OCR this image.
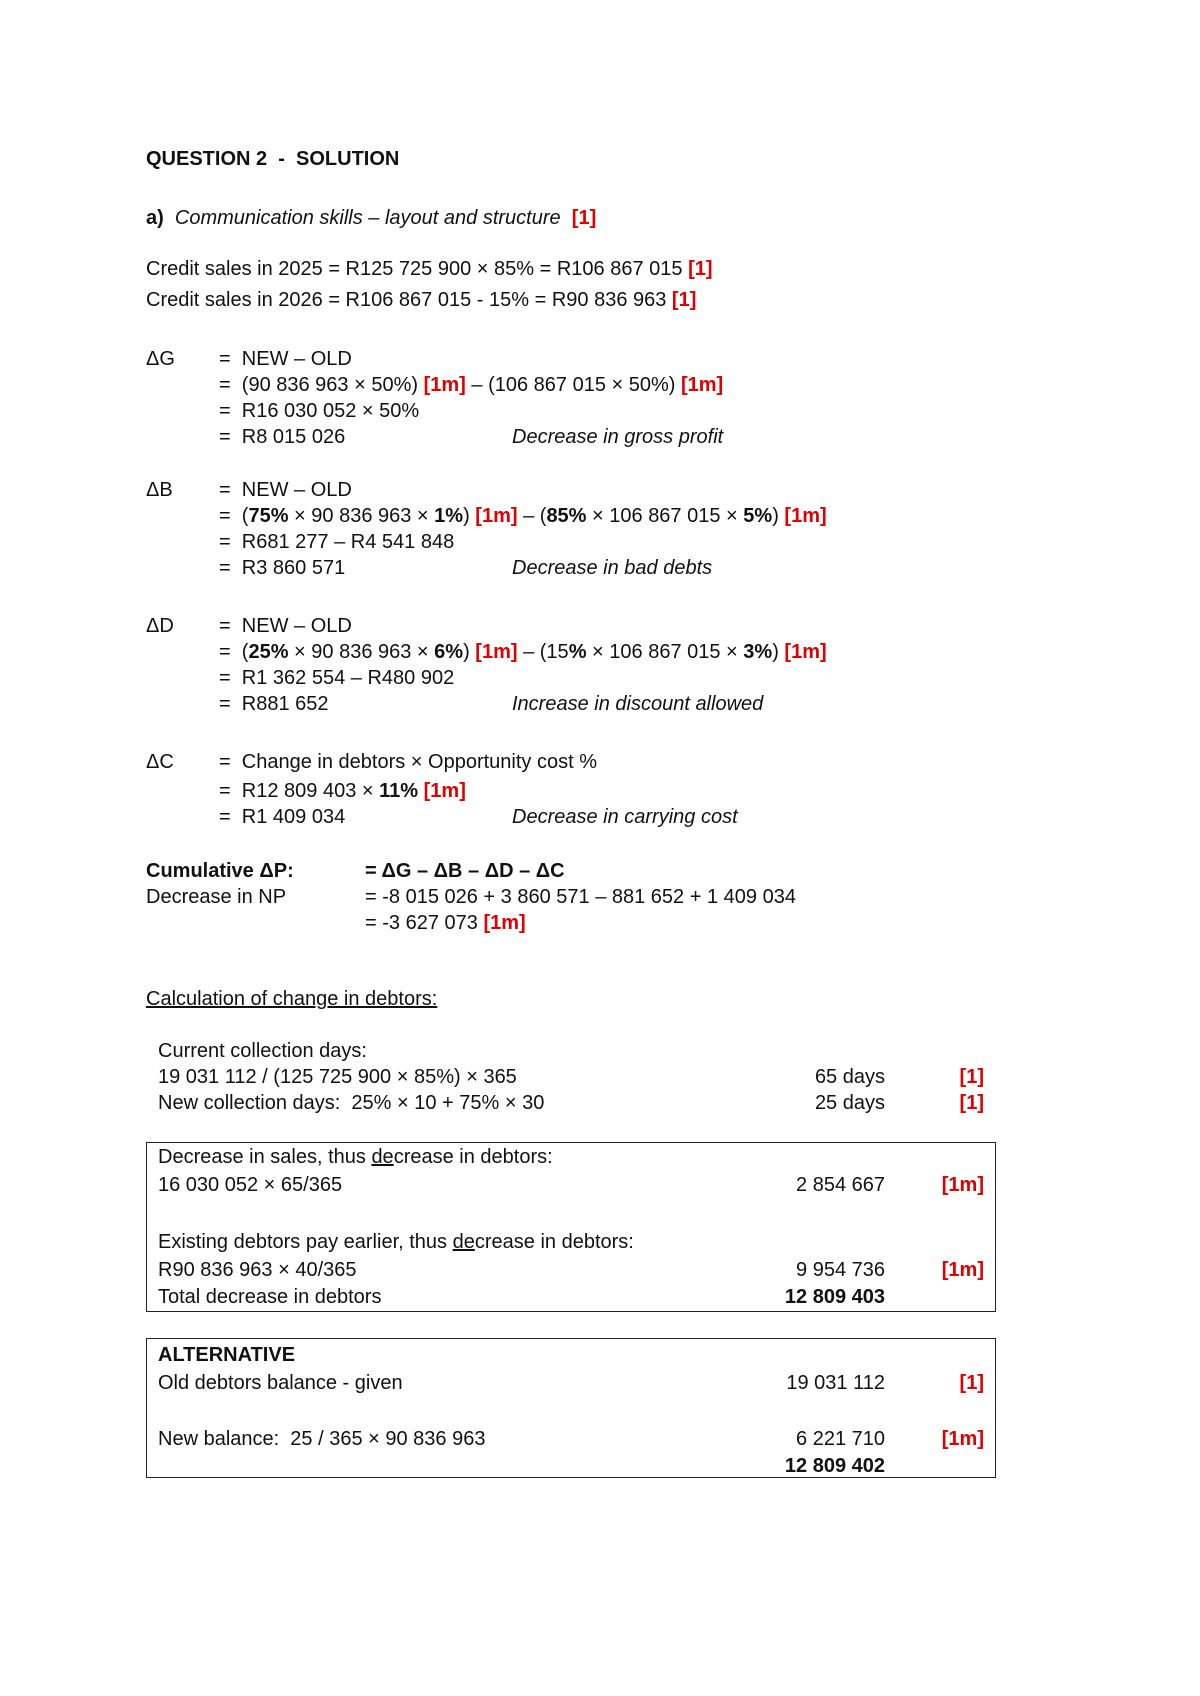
QUESTION 2  -  SOLUTION
a) Communication skills – layout and structure [1]
Credit sales in 2025 = R125 725 900 × 85% = R106 867 015 [1]
Credit sales in 2026 = R106 867 015 - 15% = R90 836 963 [1]
ΔG =  NEW – OLD
=  (90 836 963 × 50%) [1m] – (106 867 015 × 50%) [1m]
=  R16 030 052 × 50%
=  R8 015 026	Decrease in gross profit
ΔB =  NEW – OLD
=  (75% × 90 836 963 × 1%) [1m] – (85% × 106 867 015 × 5%) [1m]
=  R681 277 – R4 541 848
=  R3 860 571	Decrease in bad debts
ΔD =  NEW – OLD
=  (25% × 90 836 963 × 6%) [1m] – (15% × 106 867 015 × 3%) [1m]
=  R1 362 554 – R480 902
=  R881 652	Increase in discount allowed
ΔC =  Change in debtors × Opportunity cost %
=  R12 809 403 × 11% [1m]
=  R1 409 034	Decrease in carrying cost
Cumulative ΔP:	= ΔG – ΔB – ΔD – ΔC
Decrease in NP	= -8 015 026 + 3 860 571 – 881 652 + 1 409 034
= -3 627 073 [1m]
Calculation of change in debtors:
Current collection days:
19 031 112 / (125 725 900 × 85%) × 365	65 days	[1]
New collection days:  25% × 10 + 75% × 30	25 days	[1]
Decrease in sales, thus decrease in debtors:
16 030 052 × 65/365	2 854 667	[1m]
Existing debtors pay earlier, thus decrease in debtors:
R90 836 963 × 40/365	9 954 736	[1m]
Total decrease in debtors	12 809 403
ALTERNATIVE
Old debtors balance - given	19 031 112	[1]
New balance:  25 / 365 × 90 836 963	6 221 710	[1m]
12 809 402
